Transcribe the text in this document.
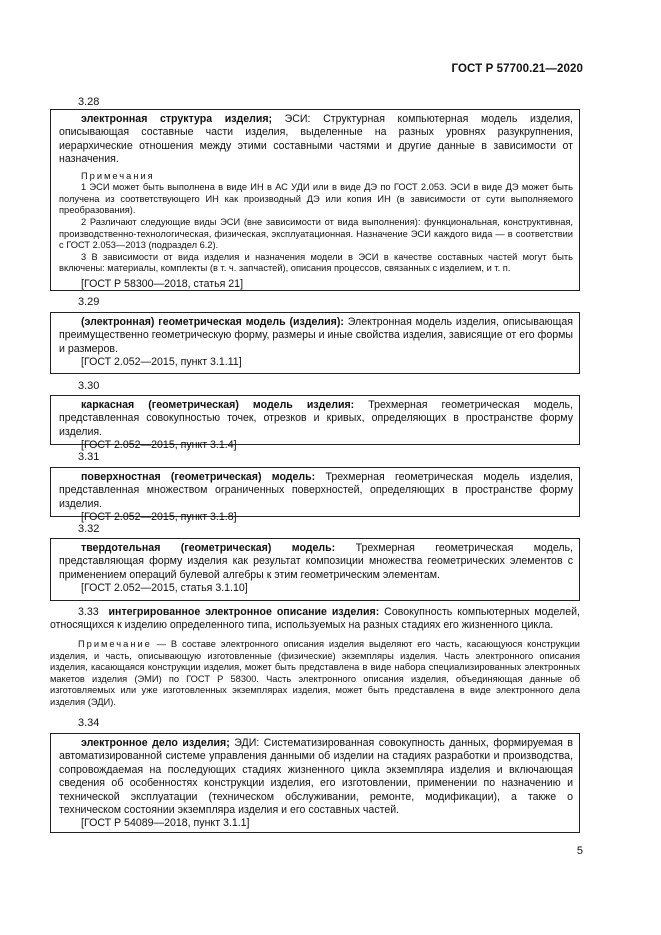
ГОСТ Р 57700.21—2020
3.28

электронная структура изделия; ЭСИ: Структурная компьютерная модель изделия, описывающая составные части изделия, выделенные на разных уровнях разукрупнения, иерархические отношения между этими составными частями и другие данные в зависимости от назначения.

Примечания

1 ЭСИ может быть выполнена в виде ИН в АС УДИ или в виде ДЭ по ГОСТ 2.053. ЭСИ в виде ДЭ может быть получена из соответствующего ИН как производный ДЭ или копия ИН (в зависимости от сути выполняемого преобразования).

2 Различают следующие виды ЭСИ (вне зависимости от вида выполнения): функциональная, конструктивная, производственно-технологическая, физическая, эксплуатационная. Назначение ЭСИ каждого вида — в соответствии с ГОСТ 2.053—2013 (подраздел 6.2).

3 В зависимости от вида изделия и назначения модели в ЭСИ в качестве составных частей могут быть включены: материалы, комплекты (в т. ч. запчастей), описания процессов, связанных с изделием, и т. п.

[ГОСТ Р 58300—2018, статья 21]

3.29

(электронная) геометрическая модель (изделия): Электронная модель изделия, описывающая преимущественно геометрическую форму, размеры и иные свойства изделия, зависящие от его формы и размеров.

[ГОСТ 2.052—2015, пункт 3.1.11]

3.30

каркасная (геометрическая) модель изделия: Трехмерная геометрическая модель, представленная совокупностью точек, отрезков и кривых, определяющих в пространстве форму изделия.

[ГОСТ 2.052—2015, пункт 3.1.4]

3.31

поверхностная (геометрическая) модель: Трехмерная геометрическая модель изделия, представленная множеством ограниченных поверхностей, определяющих в пространстве форму изделия.

[ГОСТ 2.052—2015, пункт 3.1.8]

3.32

твердотельная (геометрическая) модель: Трехмерная геометрическая модель, представляющая форму изделия как результат композиции множества геометрических элементов с применением операций булевой алгебры к этим геометрическим элементам.

[ГОСТ 2.052—2015, статья 3.1.10]

3.33 интегрированное электронное описание изделия: Совокупность компьютерных моделей, относящихся к изделию определенного типа, используемых на разных стадиях его жизненного цикла.

Примечание — В составе электронного описания изделия выделяют его часть, касающуюся конструкции изделия, и часть, описывающую изготовленные (физические) экземпляры изделия. Часть электронного описания изделия, касающаяся конструкции изделия, может быть представлена в виде набора специализированных электронных макетов изделия (ЭМИ) по ГОСТ Р 58300. Часть электронного описания изделия, объединяющая данные об изготовляемых или уже изготовленных экземплярах изделия, может быть представлена в виде электронного дела изделия (ЭДИ).

3.34

электронное дело изделия; ЭДИ: Систематизированная совокупность данных, формируемая в автоматизированной системе управления данными об изделии на стадиях разработки и производства, сопровождаемая на последующих стадиях жизненного цикла экземпляра изделия и включающая сведения об особенностях конструкции изделия, его изготовлении, применении по назначению и технической эксплуатации (техническом обслуживании, ремонте, модификации), а также о техническом состоянии экземпляра изделия и его составных частей.

[ГОСТ Р 54089—2018, пункт 3.1.1]

5
